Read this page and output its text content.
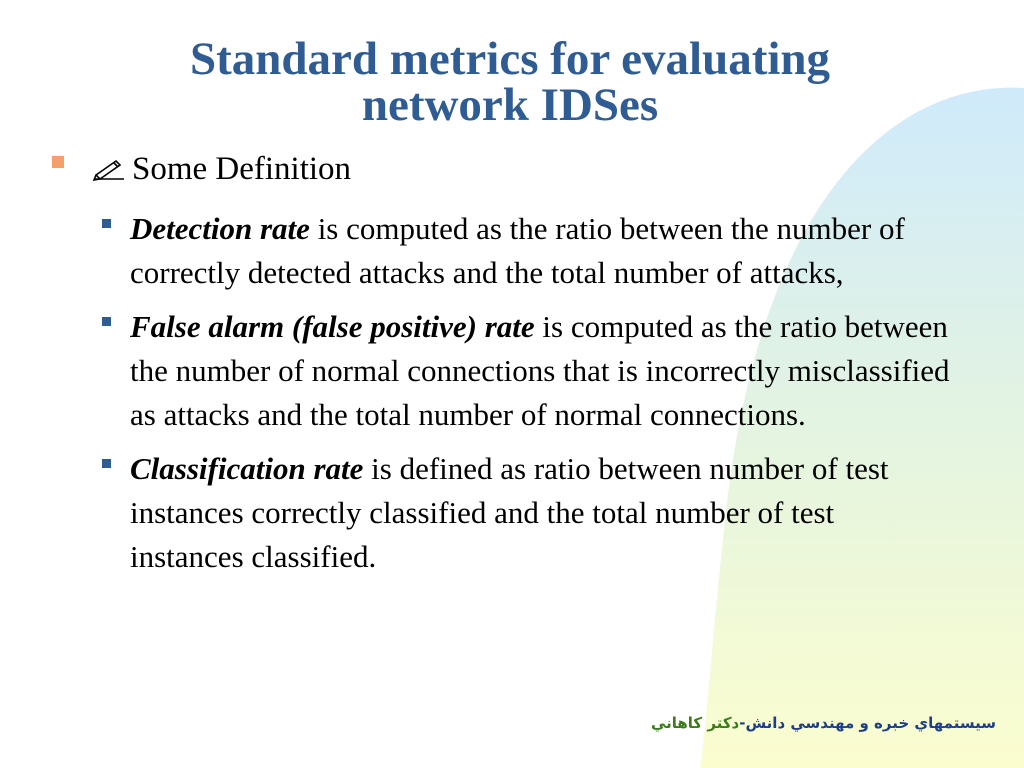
Standard metrics for evaluating
network IDSes
Some Definition
Detection rate is computed as the ratio between the number of correctly detected attacks and the total number of attacks,
False alarm (false positive) rate is computed as the ratio between the number of normal connections that is incorrectly misclassified as attacks and the total number of normal connections.
Classification rate is defined as ratio between number of test instances correctly classified and the total number of test instances classified.
سيستمهاي خبره و مهندسي دانش-دکتر کاهاني
